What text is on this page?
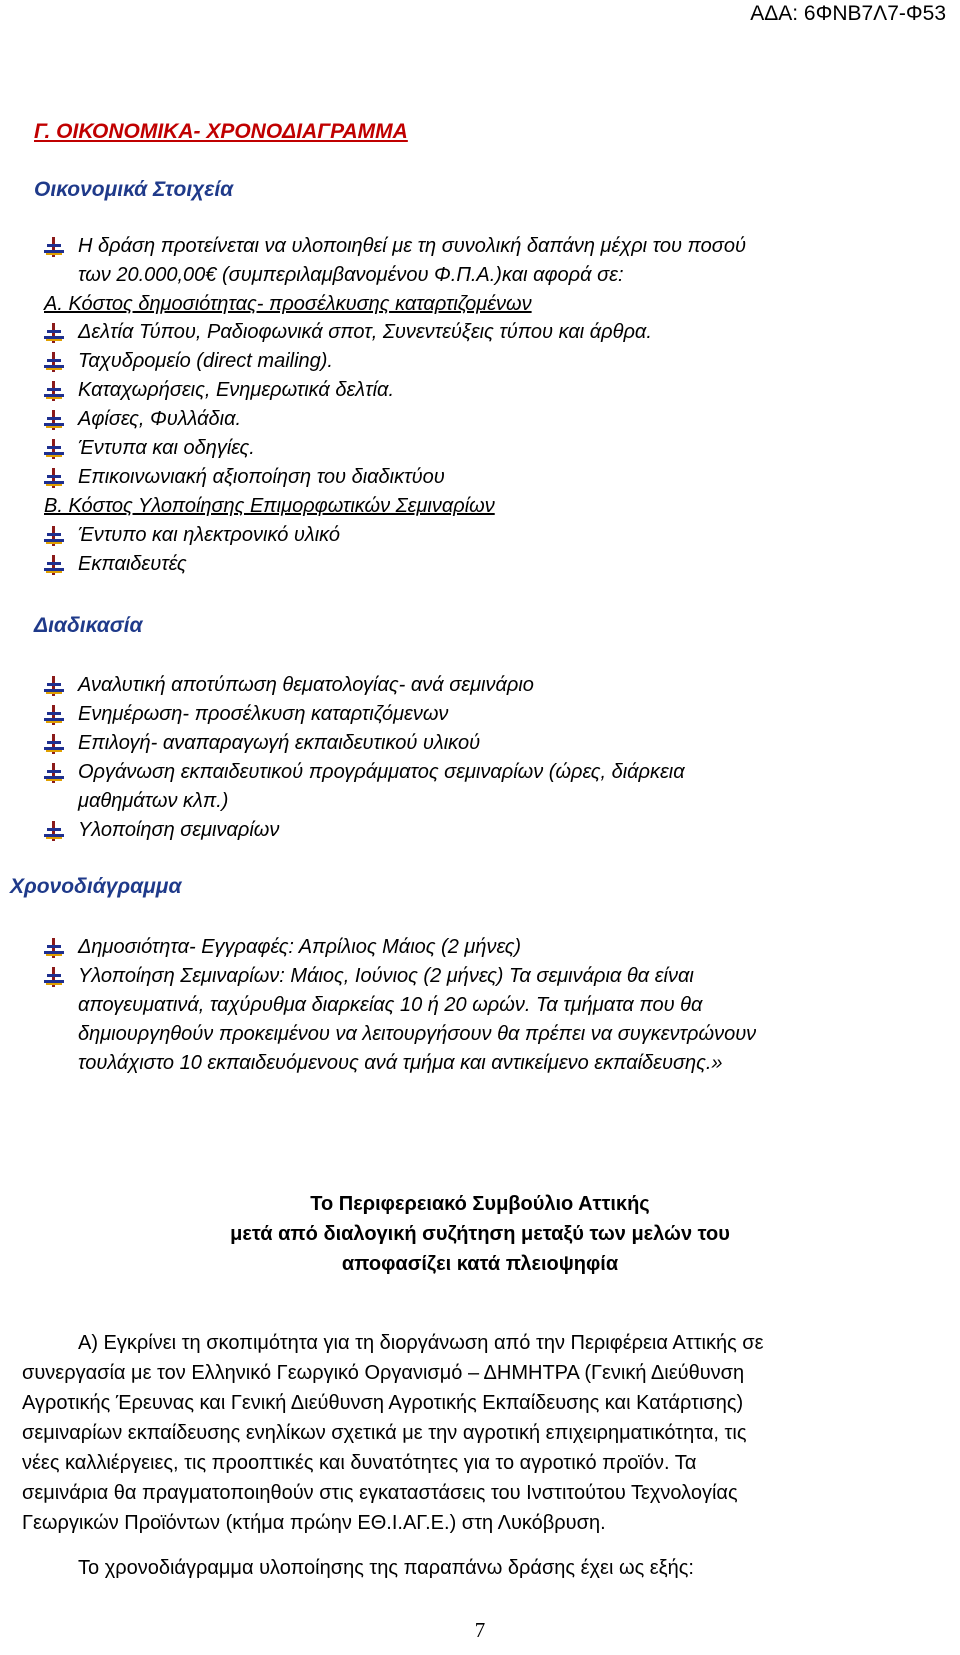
ΑΔΑ: 6ΦΝΒ7Λ7-Φ53
Γ. ΟΙΚΟΝΟΜΙΚΑ- ΧΡΟΝΟΔΙΑΓΡΑΜΜΑ
Οικονομικά Στοιχεία
Η δράση προτείνεται να υλοποιηθεί με τη συνολική δαπάνη μέχρι του ποσού
των 20.000,00€ (συμπεριλαμβανομένου Φ.Π.Α.)και αφορά σε:
Α. Κόστος δημοσιότητας- προσέλκυσης καταρτιζομένων
Δελτία Τύπου, Ραδιοφωνικά σποτ, Συνεντεύξεις τύπου και άρθρα.
Ταχυδρομείο (direct mailing).
Καταχωρήσεις, Ενημερωτικά δελτία.
Αφίσες, Φυλλάδια.
Έντυπα και οδηγίες.
Επικοινωνιακή αξιοποίηση του διαδικτύου
Β. Κόστος Υλοποίησης Επιμορφωτικών Σεμιναρίων
Έντυπο και ηλεκτρονικό υλικό
Εκπαιδευτές
Διαδικασία
Αναλυτική αποτύπωση θεματολογίας- ανά σεμινάριο
Ενημέρωση- προσέλκυση καταρτιζόμενων
Επιλογή- αναπαραγωγή εκπαιδευτικού υλικού
Οργάνωση εκπαιδευτικού προγράμματος σεμιναρίων (ώρες, διάρκεια
μαθημάτων κλπ.)
Υλοποίηση σεμιναρίων
Χρονοδιάγραμμα
Δημοσιότητα- Εγγραφές: Απρίλιος Μάιος (2 μήνες)
Υλοποίηση Σεμιναρίων: Μάιος, Ιούνιος (2 μήνες) Τα σεμινάρια θα είναι
απογευματινά, ταχύρυθμα διαρκείας 10 ή 20 ωρών. Τα τμήματα που θα
δημιουργηθούν προκειμένου να λειτουργήσουν θα πρέπει να συγκεντρώνουν
τουλάχιστο 10 εκπαιδευόμενους ανά τμήμα και αντικείμενο εκπαίδευσης.»
Το Περιφερειακό Συμβούλιο Αττικής
μετά από διαλογική συζήτηση μεταξύ των μελών του
αποφασίζει κατά πλειοψηφία
Α) Εγκρίνει τη σκοπιμότητα για τη διοργάνωση από την Περιφέρεια Αττικής σε
συνεργασία με τον Ελληνικό Γεωργικό Οργανισμό – ΔΗΜΗΤΡΑ (Γενική Διεύθυνση
Αγροτικής Έρευνας και Γενική Διεύθυνση Αγροτικής Εκπαίδευσης και Κατάρτισης)
σεμιναρίων εκπαίδευσης ενηλίκων σχετικά με την αγροτική επιχειρηματικότητα, τις
νέες καλλιέργειες, τις προοπτικές και δυνατότητες για το αγροτικό προϊόν. Τα
σεμινάρια θα πραγματοποιηθούν στις εγκαταστάσεις του Ινστιτούτου Τεχνολογίας
Γεωργικών Προϊόντων (κτήμα πρώην ΕΘ.Ι.ΑΓ.Ε.) στη Λυκόβρυση.
Το χρονοδιάγραμμα υλοποίησης της παραπάνω δράσης έχει ως εξής:
7
